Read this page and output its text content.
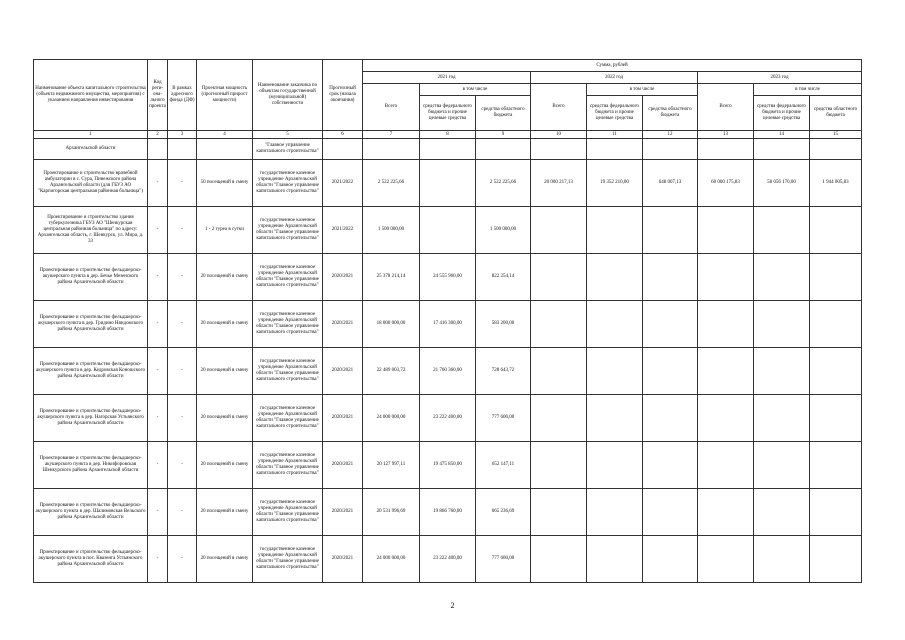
Наименование объекта капитального строительства (объекта недвижимого имущества, мероприятия) с указанием направления инвестирования	Код реги-она-льного проекта	В рамках адресного фонда (ДФ)	Проектная мощность (прогнозный прирост мощности)	Наименование заказчика по объектам государственной (муниципальной) собственности	Прогнозный срок (начала окончания)	Сумма, рублей								
						2021 год			2022 год			2023 год		
						Всего	в том числе		Всего	в том числе		Всего	в том числе	
							средства федерального бюджета и прочие целевые средства	средства областного бюджета		средства федерального бюджета и прочие целевые средства	средства областного бюджета		средства федерального бюджета и прочие целевые средства	средства областного бюджета
1	2	3	4	5	6	7	8	9	10	11	12	13	14	15
Архангельской области				"Главное управление капитального строительства"										
Проектирование и строительство врачебной амбулатории в с. Сура, Пинежского района Архангельской области (для ГБУЗ АО "Карпогорская центральная районная больница")	-	-	50 посещений в смену	государственное казенное учреждение Архангельской области "Главное управление капитального строительства"	2021/2022	2 522 225,66		2 522 225,66	20 000 217,13	19 352 210,00	648 007,13	60 000 175,83	58 056 170,00	1 944 005,83
Проектирование и строительство здания туберкулезника ГБУЗ АО "Шенкурская центральная районная больница" по адресу: Архангельская область, г. Шенкурск, ул. Мира, д. 33	-	-	1 - 2 туреа в сутки	государственное казенное учреждение Архангельской области "Главное управление капитального строительства"	2021/2022	1 500 000,00		1 500 000,00						
Проектирование и строительство фельдшерско-акушерского пункта в дер. Бечье Мезенского района Архангельской области	-	-	20 посещений в смену	государственное казенное учреждение Архангельской области "Главное управление капитального строительства"	2020/2021	25 378 214,14	24 555 960,00	822 254,14						
Проектирование и строительство фельдшерско-акушерского пункта в дер. Гридино Няндомского района Архангельской области	-	-	20 посещений в смену	государственное казенное учреждение Архангельской области "Главное управление капитального строительства"	2020/2021	18 000 000,00	17 416 300,00	583 200,00						
Проектирование и строительство фельдшерско-акушерского пункта в дер. Кедровская Коношского района Архангельской области	-	-	20 посещений в смену	государственное казенное учреждение Архангельской области "Главное управление капитального строительства"	2020/2021	22 489 003,72	21 760 360,00	728 643,72						
Проектирование и строительство фельдшерско-акушерского пункта в дер. Нагорская Устьянского района Архангельской области	-	-	20 посещений в смену	государственное казенное учреждение Архангельской области "Главное управление капитального строительства"	2020/2021	24 000 000,00	23 222 400,00	777 600,00						
Проектирование и строительство фельдшерско-акушерского пункта в дер. Никифоровская Шенкурского района Архангельской области	-	-	20 посещений в смену	государственное казенное учреждение Архангельской области "Главное управление капитального строительства"	2020/2021	20 127 997,11	19 475 850,00	652 147,11						
Проектирование и строительство фельдшерско-акушерского пункта в дер. Шалимовская Вельского района Архангельской области	-	-	20 посещений в смену	государственное казенное учреждение Архангельской области "Главное управление капитального строительства"	2020/2021	20 531 996,69	19 866 760,00	665 236,69						
Проектирование и строительство фельдшерско-акушерского пункта в пос. Квазенга Устьянского района Архангельской области	-	-	20 посещений в смену	государственное казенное учреждение Архангельской области "Главное управление капитального строительства"	2020/2021	24 000 000,00	23 222 400,00	777 600,00						
2
